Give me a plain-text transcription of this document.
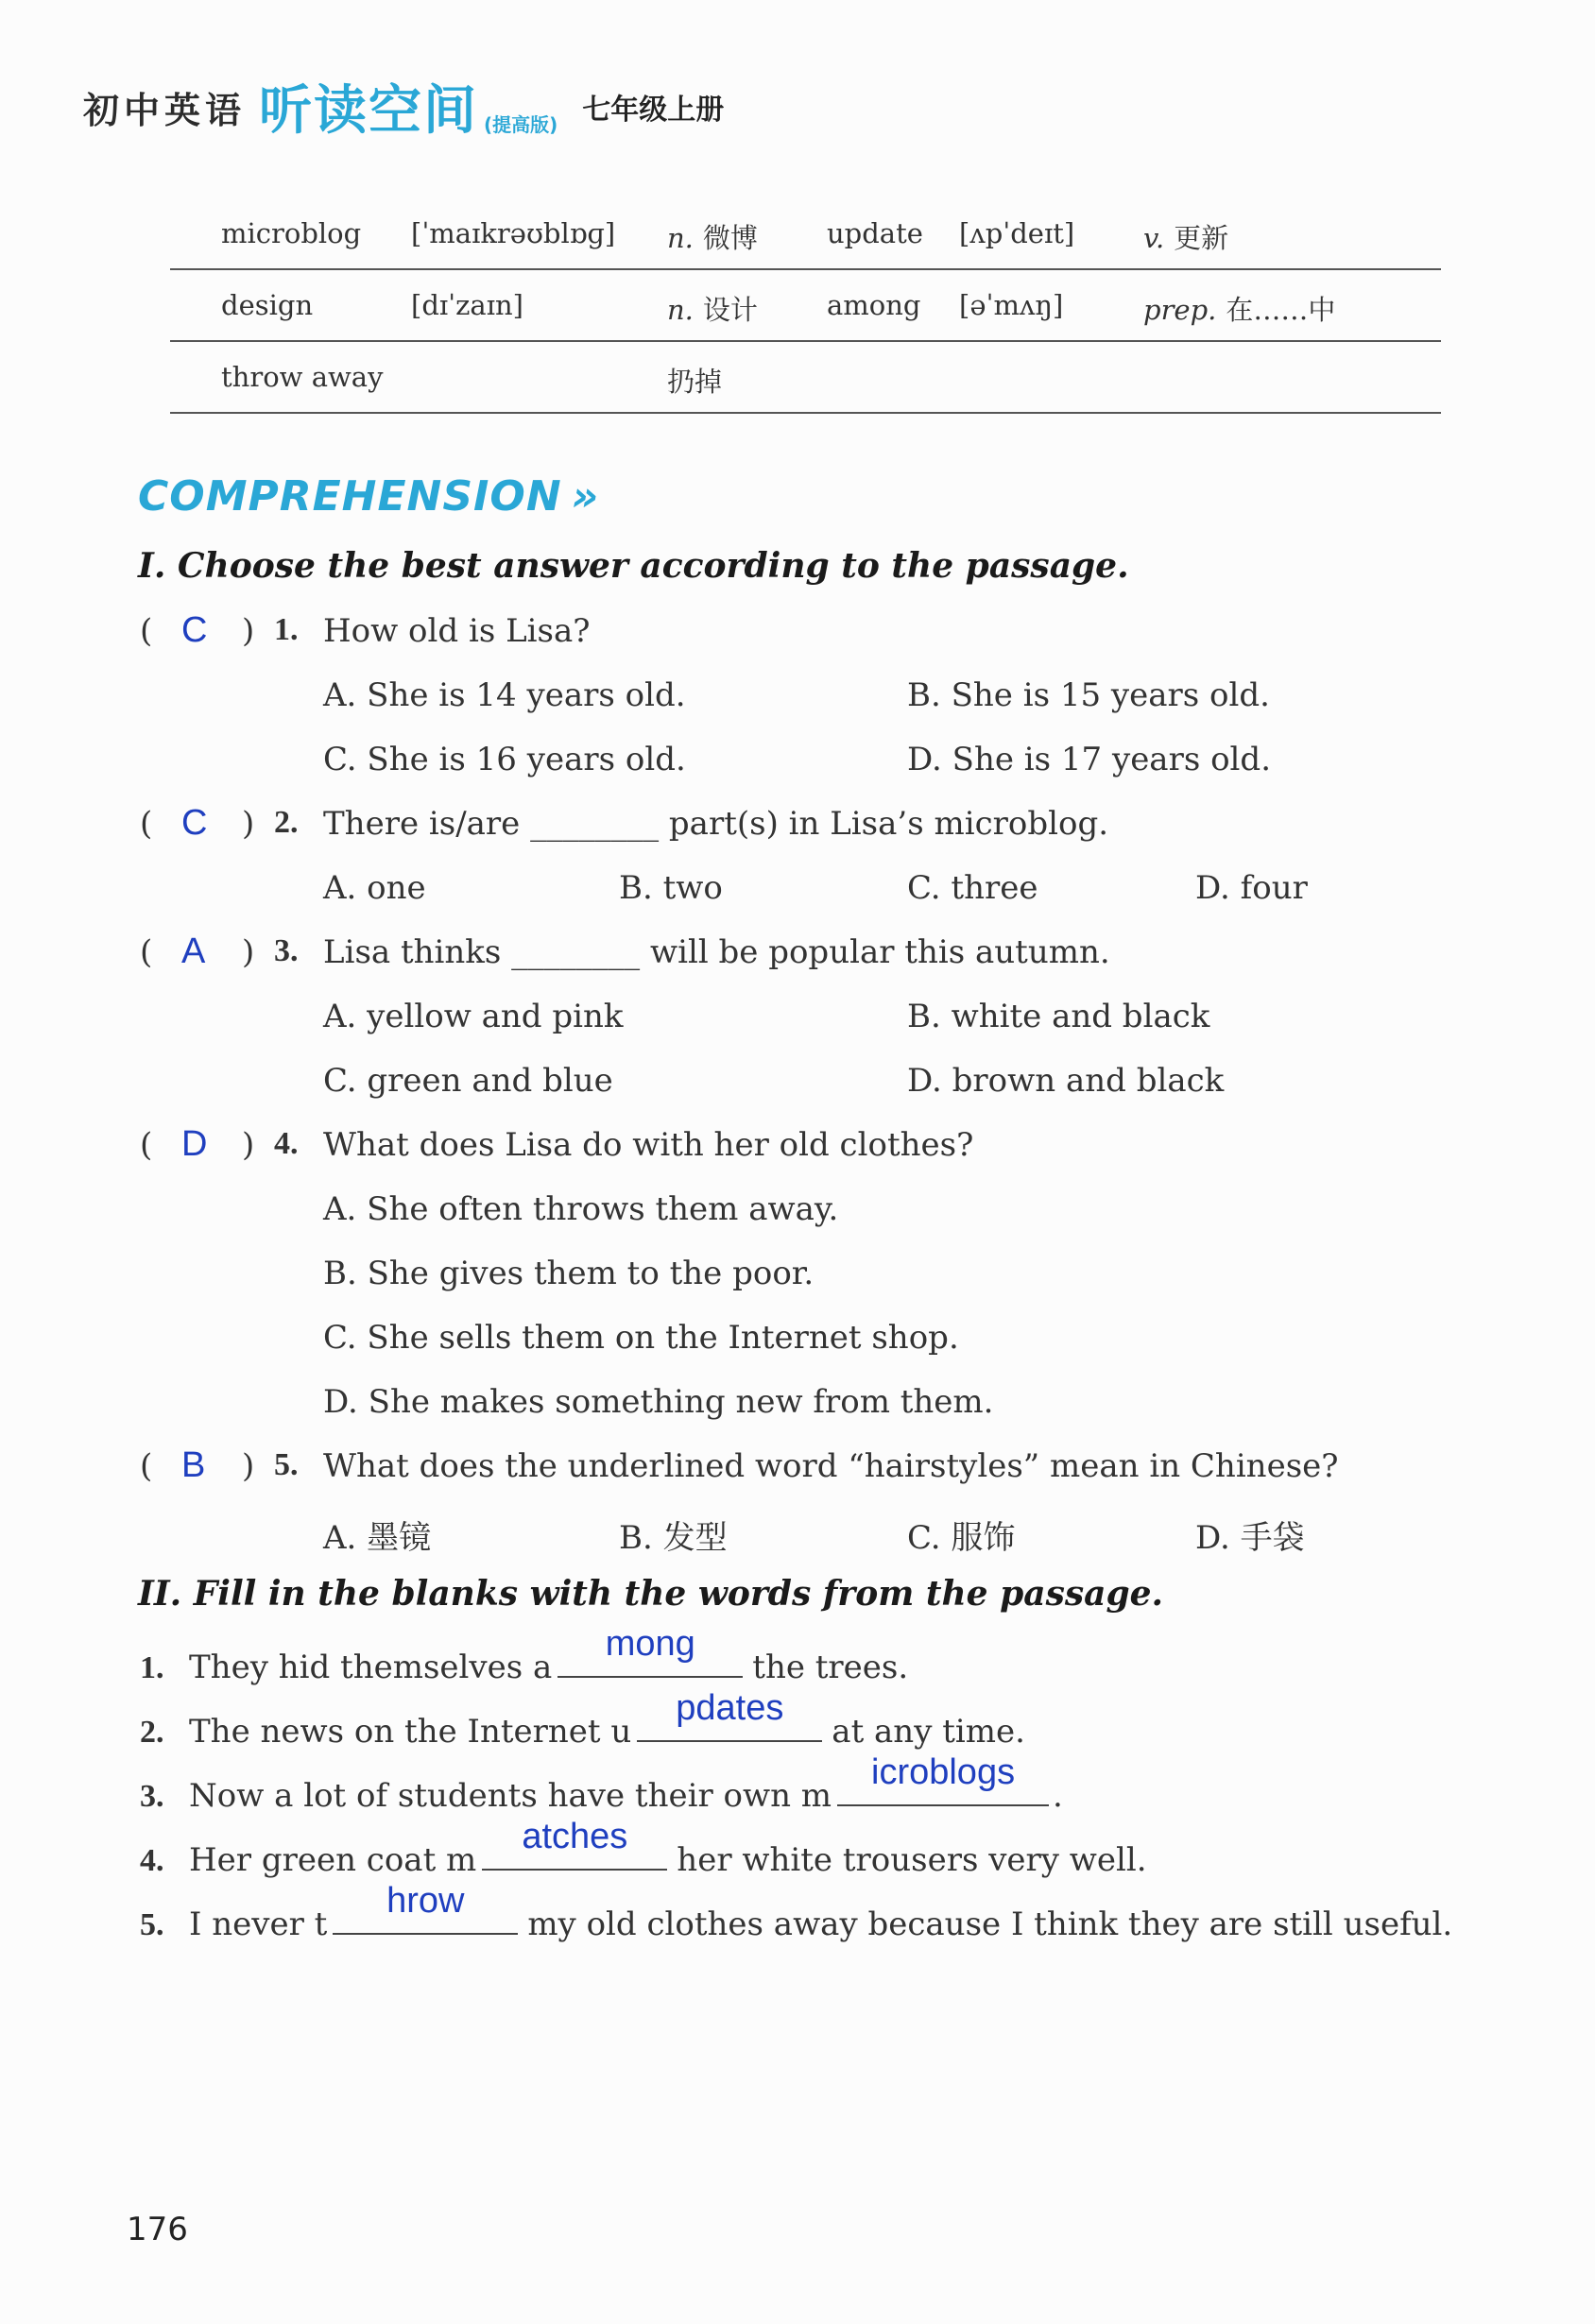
初中英语 听读空间 (提高版) 七年级上册
microblog [ˈmaɪkrəʊblɒɡ] n. 微博	update [ʌpˈdeɪt]	v. 更新
design	[dɪˈzaɪn]	n. 设计	among [əˈmʌŋ]	prep. 在……中
throw away	扔掉
COMPREHENSION »
I. Choose the best answer according to the passage.
( C ) 1. How old is Lisa?
A. She is 14 years old.	B. She is 15 years old.
C. She is 16 years old.	D. She is 17 years old.
( C ) 2. There is/are ________ part(s) in Lisa’s microblog.
A. one	B. two	C. three	D. four
( A ) 3. Lisa thinks ________ will be popular this autumn.
A. yellow and pink	B. white and black
C. green and blue	D. brown and black
( D ) 4. What does Lisa do with her old clothes?
A. She often throws them away.
B. She gives them to the poor.
C. She sells them on the Internet shop.
D. She makes something new from them.
( B ) 5. What does the underlined word “hairstyles” mean in Chinese?
A. 墨镜	B. 发型	C. 服饰	D. 手袋
II. Fill in the blanks with the words from the passage.
1. They hid themselves a
mong
the trees.
2. The news on the Internet u
pdates
at any time.
3. Now a lot of students have their own m
icroblogs
.
4. Her green coat m
atches
her white trousers very well.
5. I never t
hrow
my old clothes away because I think they are still useful.
176
